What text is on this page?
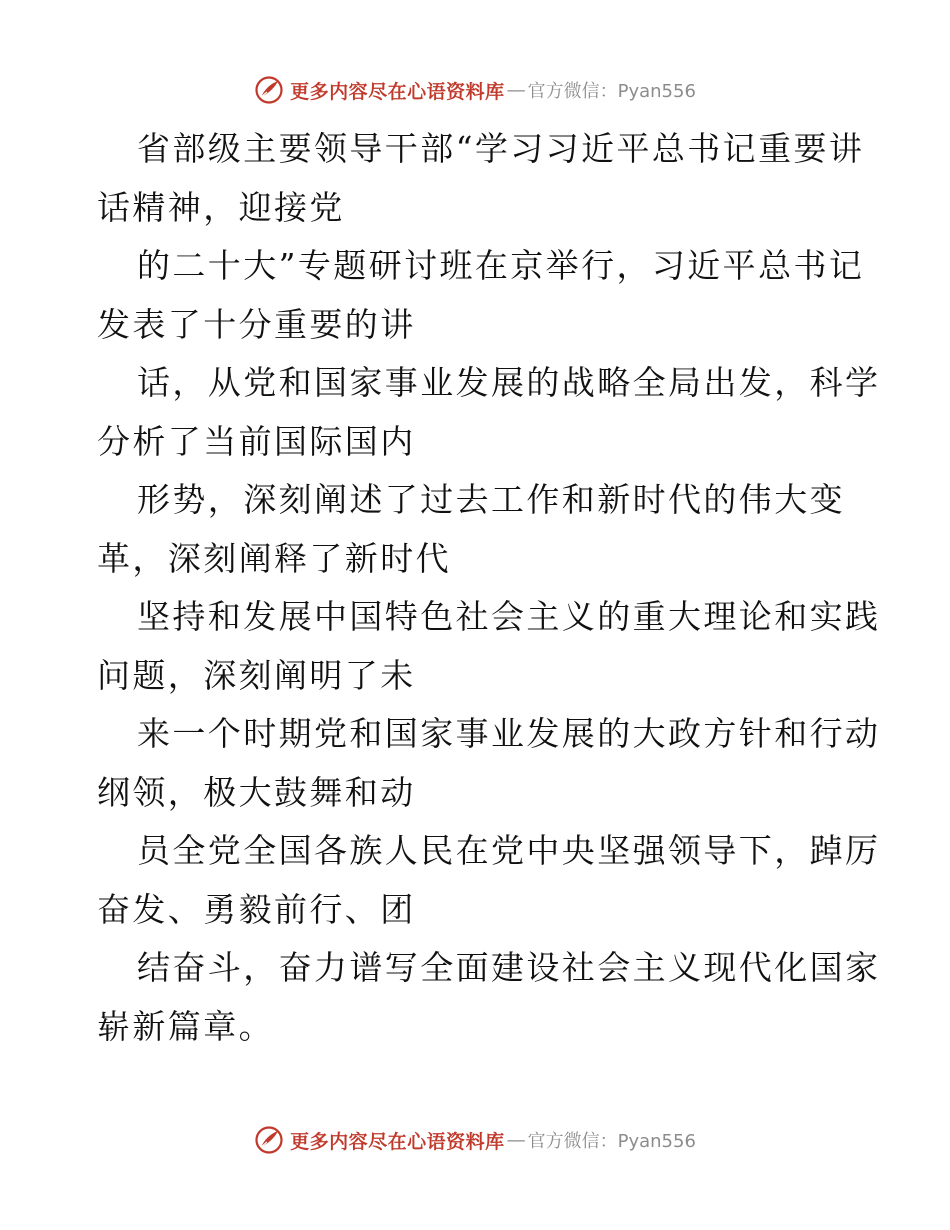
更多内容尽在心语资料库 — 官方微信：Pyan556
省部级主要领导干部“学习习近平总书记重要讲
话精神，迎接党
的二十大”专题研讨班在京举行，习近平总书记
发表了十分重要的讲
话，从党和国家事业发展的战略全局出发，科学
分析了当前国际国内
形势，深刻阐述了过去工作和新时代的伟大变
革，深刻阐释了新时代
坚持和发展中国特色社会主义的重大理论和实践
问题，深刻阐明了未
来一个时期党和国家事业发展的大政方针和行动
纲领，极大鼓舞和动
员全党全国各族人民在党中央坚强领导下，踔厉
奋发、勇毅前行、团
结奋斗，奋力谱写全面建设社会主义现代化国家
崭新篇章。
更多内容尽在心语资料库 — 官方微信：Pyan556
